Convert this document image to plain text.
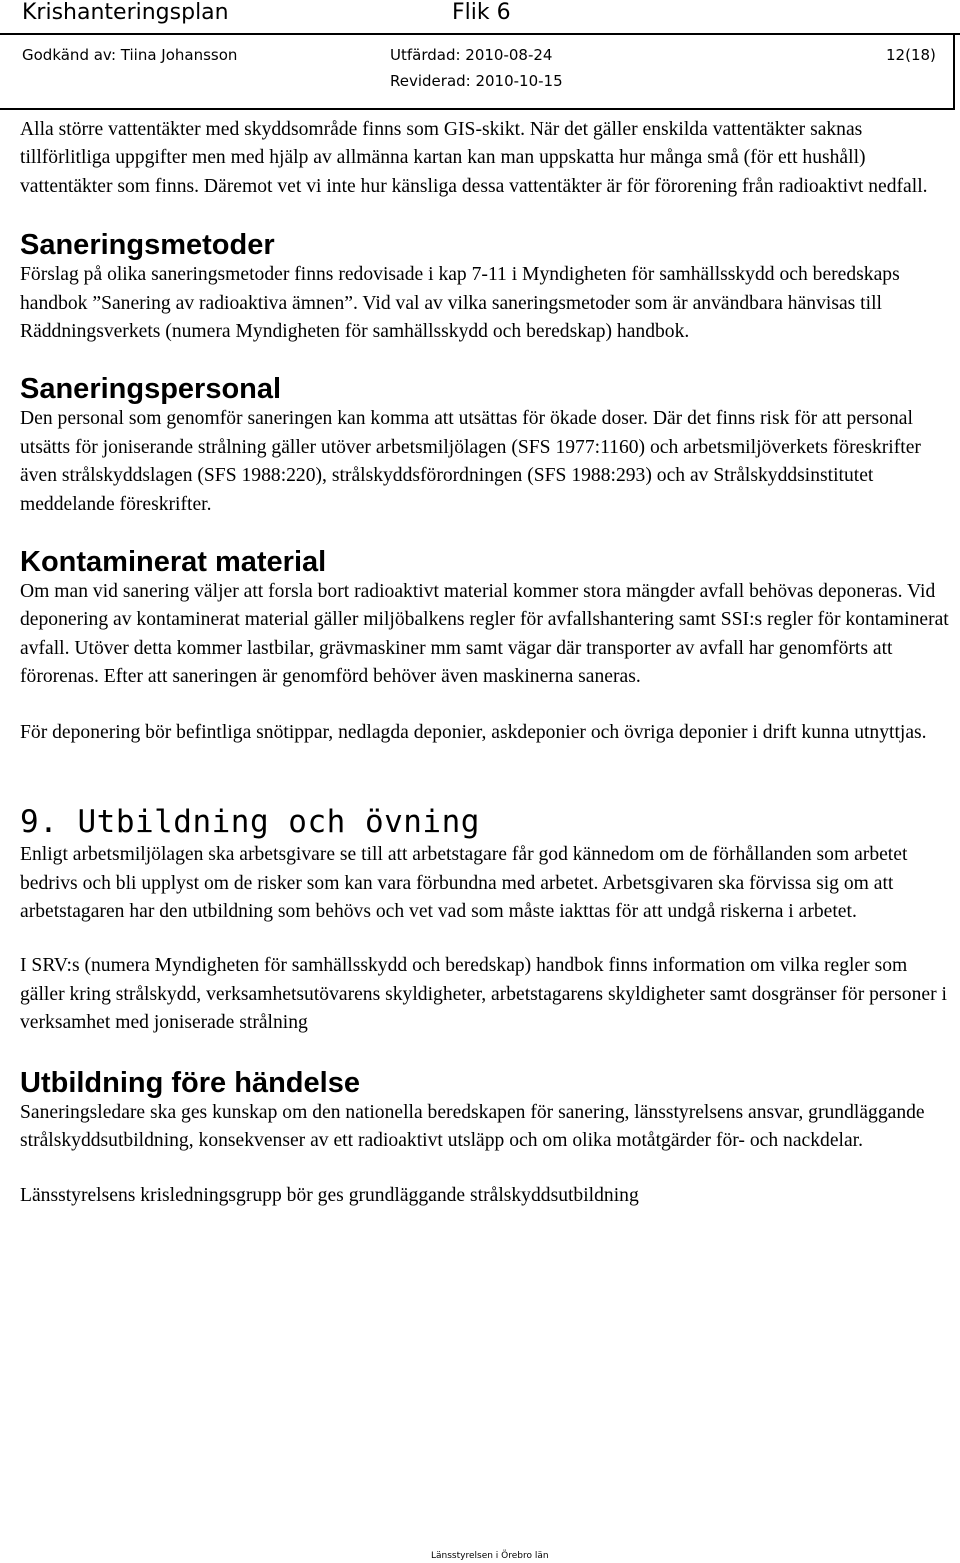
Krishanteringsplan	Flik 6
Godkänd av: Tiina Johansson	Utfärdad: 2010-08-24
Reviderad: 2010-10-15
12(18)

Alla större vattentäkter med skyddsområde finns som GIS-skikt. När det gäller enskilda vattentäkter saknas tillförlitliga uppgifter men med hjälp av allmänna kartan kan man uppskatta hur många små (för ett hushåll) vattentäkter som finns. Däremot vet vi inte hur känsliga dessa vattentäkter är för förorening från radioaktivt nedfall.

Saneringsmetoder

Förslag på olika saneringsmetoder finns redovisade i kap 7-11 i Myndigheten för samhällsskydd och beredskaps handbok ”Sanering av radioaktiva ämnen”. Vid val av vilka saneringsmetoder som är användbara hänvisas till Räddningsverkets (numera Myndigheten för samhällsskydd och beredskap) handbok.

Saneringspersonal

Den personal som genomför saneringen kan komma att utsättas för ökade doser. Där det finns risk för att personal utsätts för joniserande strålning gäller utöver arbetsmiljölagen (SFS 1977:1160) och arbetsmiljöverkets föreskrifter även strålskyddslagen (SFS 1988:220), strålskyddsförordningen (SFS 1988:293) och av Strålskyddsinstitutet meddelande föreskrifter.

Kontaminerat material

Om man vid sanering väljer att forsla bort radioaktivt material kommer stora mängder avfall behövas deponeras. Vid deponering av kontaminerat material gäller miljöbalkens regler för avfallshantering samt SSI:s regler för kontaminerat avfall. Utöver detta kommer lastbilar, grävmaskiner mm samt vägar där transporter av avfall har genomförts att förorenas. Efter att saneringen är genomförd behöver även maskinerna saneras.

För deponering bör befintliga snötippar, nedlagda deponier, askdeponier och övriga deponier i drift kunna utnyttjas.

9. Utbildning och övning

Enligt arbetsmiljölagen ska arbetsgivare se till att arbetstagare får god kännedom om de förhållanden som arbetet bedrivs och bli upplyst om de risker som kan vara förbundna med arbetet. Arbetsgivaren ska förvissa sig om att arbetstagaren har den utbildning som behövs och vet vad som måste iakttas för att undgå riskerna i arbetet.

I SRV:s (numera Myndigheten för samhällsskydd och beredskap) handbok finns information om vilka regler som gäller kring strålskydd, verksamhetsutövarens skyldigheter, arbetstagarens skyldigheter samt dosgränser för personer i verksamhet med joniserade strålning

Utbildning före händelse

Saneringsledare ska ges kunskap om den nationella beredskapen för sanering, länsstyrelsens ansvar, grundläggande strålskyddsutbildning, konsekvenser av ett radioaktivt utsläpp och om olika motåtgärder för- och nackdelar.

Länsstyrelsens krisledningsgrupp bör ges grundläggande strålskyddsutbildning

Länsstyrelsen i Örebro län
